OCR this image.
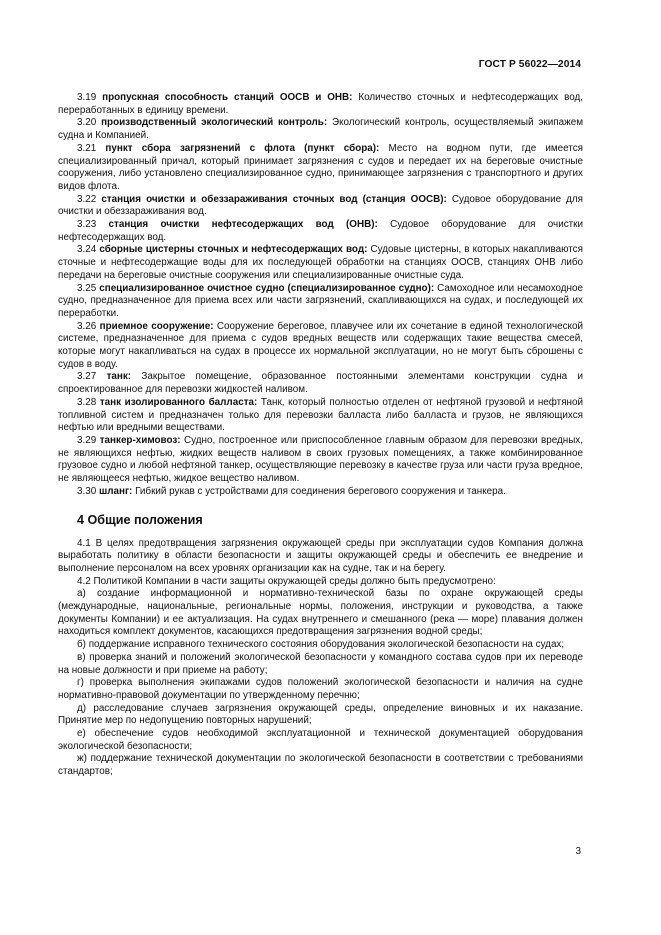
ГОСТ Р 56022—2014

3.19 пропускная способность станций ООСВ и ОНВ: Количество сточных и нефтесодержащих вод, переработанных в единицу времени.

3.20 производственный экологический контроль: Экологический контроль, осуществляемый экипажем судна и Компанией.

3.21 пункт сбора загрязнений с флота (пункт сбора): Место на водном пути, где имеется специализированный причал, который принимает загрязнения с судов и передает их на береговые очистные сооружения, либо установлено специализированное судно, принимающее загрязнения с транспортного и других видов флота.

3.22 станция очистки и обеззараживания сточных вод (станция ООСВ): Судовое оборудование для очистки и обеззараживания вод.

3.23 станция очистки нефтесодержащих вод (ОНВ): Судовое оборудование для очистки нефтесодержащих вод.

3.24 сборные цистерны сточных и нефтесодержащих вод: Судовые цистерны, в которых накапливаются сточные и нефтесодержащие воды для их последующей обработки на станциях ООСВ, станциях ОНВ либо передачи на береговые очистные сооружения или специализированные очистные суда.

3.25 специализированное очистное судно (специализированное судно): Самоходное или несамоходное судно, предназначенное для приема всех или части загрязнений, скапливающихся на судах, и последующей их переработки.

3.26 приемное сооружение: Сооружение береговое, плавучее или их сочетание в единой технологической системе, предназначенное для приема с судов вредных веществ или содержащих такие вещества смесей, которые могут накапливаться на судах в процессе их нормальной эксплуатации, но не могут быть сброшены с судов в воду.

3.27 танк: Закрытое помещение, образованное постоянными элементами конструкции судна и спроектированное для перевозки жидкостей наливом.

3.28 танк изолированного балласта: Танк, который полностью отделен от нефтяной грузовой и нефтяной топливной систем и предназначен только для перевозки балласта либо балласта и грузов, не являющихся нефтью или вредными веществами.

3.29 танкер-химовоз: Судно, построенное или приспособленное главным образом для перевозки вредных, не являющихся нефтью, жидких веществ наливом в своих грузовых помещениях, а также комбинированное грузовое судно и любой нефтяной танкер, осуществляющие перевозку в качестве груза или части груза вредное, не являющееся нефтью, жидкое вещество наливом.

3.30 шланг: Гибкий рукав с устройствами для соединения берегового сооружения и танкера.

4 Общие положения

4.1 В целях предотвращения загрязнения окружающей среды при эксплуатации судов Компания должна выработать политику в области безопасности и защиты окружающей среды и обеспечить ее внедрение и выполнение персоналом на всех уровнях организации как на судне, так и на берегу.

4.2 Политикой Компании в части защиты окружающей среды должно быть предусмотрено:

а) создание информационной и нормативно-технической базы по охране окружающей среды (международные, национальные, региональные нормы, положения, инструкции и руководства, а также документы Компании) и ее актуализация. На судах внутреннего и смешанного (река — море) плавания должен находиться комплект документов, касающихся предотвращения загрязнения водной среды;

б) поддержание исправного технического состояния оборудования экологической безопасности на судах;

в) проверка знаний и положений экологической безопасности у командного состава судов при их переводе на новые должности и при приеме на работу;

г) проверка выполнения экипажами судов положений экологической безопасности и наличия на судне нормативно-правовой документации по утвержденному перечню;

д) расследование случаев загрязнения окружающей среды, определение виновных и их наказание. Принятие мер по недопущению повторных нарушений;

е) обеспечение судов необходимой эксплуатационной и технической документацией оборудования экологической безопасности;

ж) поддержание технической документации по экологической безопасности в соответствии с требованиями стандартов;

3
